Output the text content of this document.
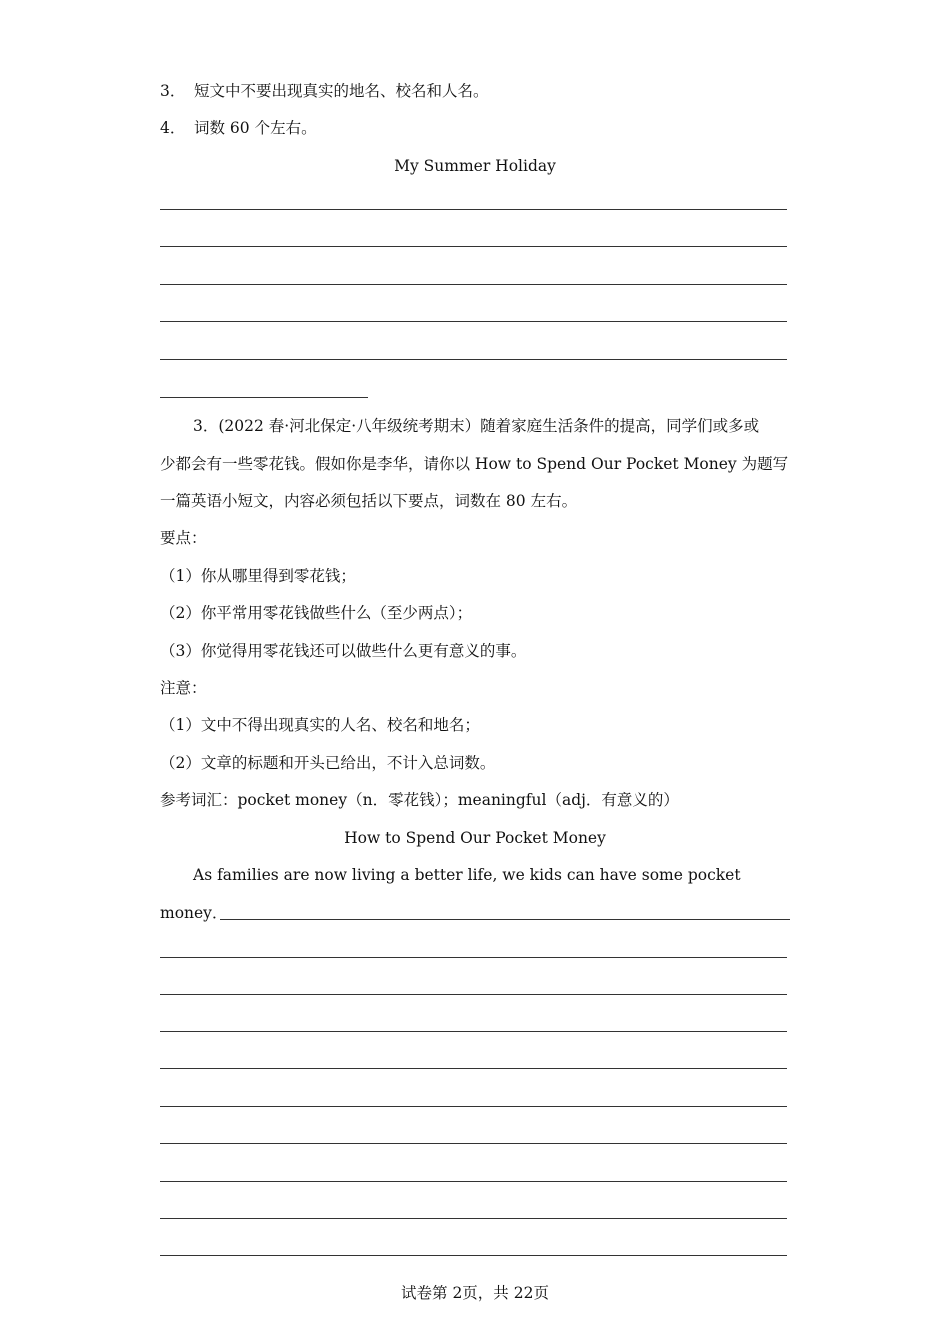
3． 短文中不要出现真实的地名、校名和人名。
4． 词数 60 个左右。
My Summer Holiday
3．(2022 春·河北保定·八年级统考期末）随着家庭生活条件的提高，同学们或多或
少都会有一些零花钱。假如你是李华，请你以 How to Spend Our Pocket Money 为题写
一篇英语小短文，内容必须包括以下要点，词数在 80 左右。
要点：
（1）你从哪里得到零花钱；
（2）你平常用零花钱做些什么（至少两点）；
（3）你觉得用零花钱还可以做些什么更有意义的事。
注意：
（1）文中不得出现真实的人名、校名和地名；
（2）文章的标题和开头已给出，不计入总词数。
参考词汇：pocket money（n．零花钱）；meaningful（adj．有意义的）
How to Spend Our Pocket Money
As families are now living a better life, we kids can have some pocket
money．
试卷第 2页，共 22页
